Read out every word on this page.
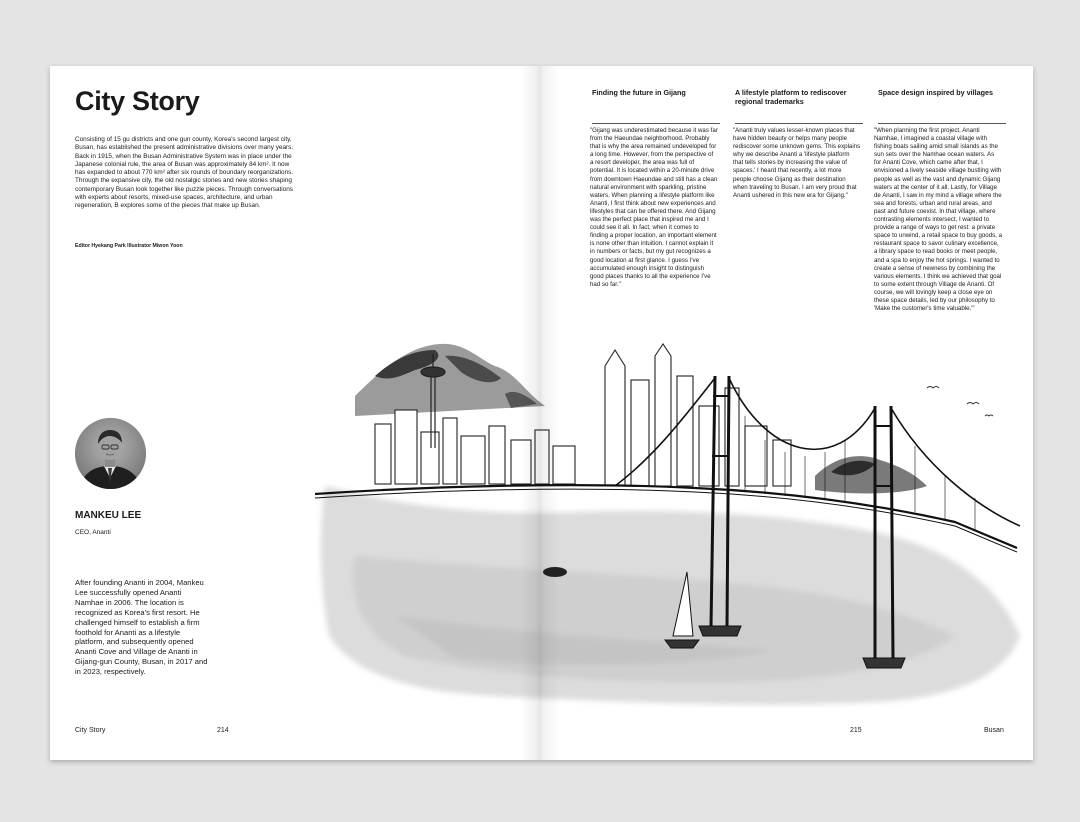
City Story

Consisting of 15 gu districts and one gun county, Korea's second largest city, Busan, has established the present administrative divisions over many years. Back in 1915, when the Busan Administrative System was in place under the Japanese colonial rule, the area of Busan was approximately 84 km². It now has expanded to about 770 km² after six rounds of boundary reorganizations. Through the expansive city, the old nostalgic stories and new stories shaping contemporary Busan look together like puzzle pieces. Through conversations with experts about resorts, mixed-use spaces, architecture, and urban regeneration, B explores some of the pieces that make up Busan.

Editor Hyekang Park Illustrator Miwon Yoon

MANKEU LEE

CEO, Ananti

After founding Ananti in 2004, Mankeu Lee successfully opened Ananti Namhae in 2006. The location is recognized as Korea's first resort. He challenged himself to establish a firm foothold for Ananti as a lifestyle platform, and subsequently opened Ananti Cove and Village de Ananti in Gijang-gun County, Busan, in 2017 and in 2023, respectively.

City Story	214

Finding the future in Gijang

"Gijang was underestimated because it was far from the Haeundae neighborhood. Probably that is why the area remained undeveloped for a long time. However, from the perspective of a resort developer, the area was full of potential. It is located within a 20-minute drive from downtown Haeundae and still has a clean natural environment with sparkling, pristine waters. When planning a lifestyle platform like Ananti, I first think about new experiences and lifestyles that can be offered there. And Gijang was the perfect place that inspired me and I could see it all. In fact, when it comes to finding a proper location, an important element is none other than intuition. I cannot explain it in numbers or facts, but my gut recognizes a good location at first glance. I guess I've accumulated enough insight to distinguish good places thanks to all the experience I've had so far."

A lifestyle platform to rediscover regional trademarks

"Ananti truly values lesser-known places that have hidden beauty or helps many people rediscover some unknown gems. This explains why we describe Ananti a 'lifestyle platform that tells stories by increasing the value of spaces.' I heard that recently, a lot more people choose Gijang as their destination when traveling to Busan. I am very proud that Ananti ushered in this new era for Gijang."

Space design inspired by villages

"When planning the first project, Ananti Namhae, I imagined a coastal village with fishing boats sailing amid small islands as the sun sets over the Namhae ocean waters. As for Ananti Cove, which came after that, I envisioned a lively seaside village bustling with people as well as the vast and dynamic Gijang waters at the center of it all. Lastly, for Village de Ananti, I saw in my mind a village where the sea and forests, urban and rural areas, and past and future coexist. In that village, where contrasting elements intersect, I wanted to provide a range of ways to get rest: a private space to unwind, a retail space to buy goods, a restaurant space to savor culinary excellence, a library space to read books or meet people, and a spa to enjoy the hot springs. I wanted to create a sense of newness by combining the various elements. I think we achieved that goal to some extent through Village de Ananti. Of course, we will lovingly keep a close eye on these space details, led by our philosophy to 'Make the customer's time valuable.'"

215	Busan
